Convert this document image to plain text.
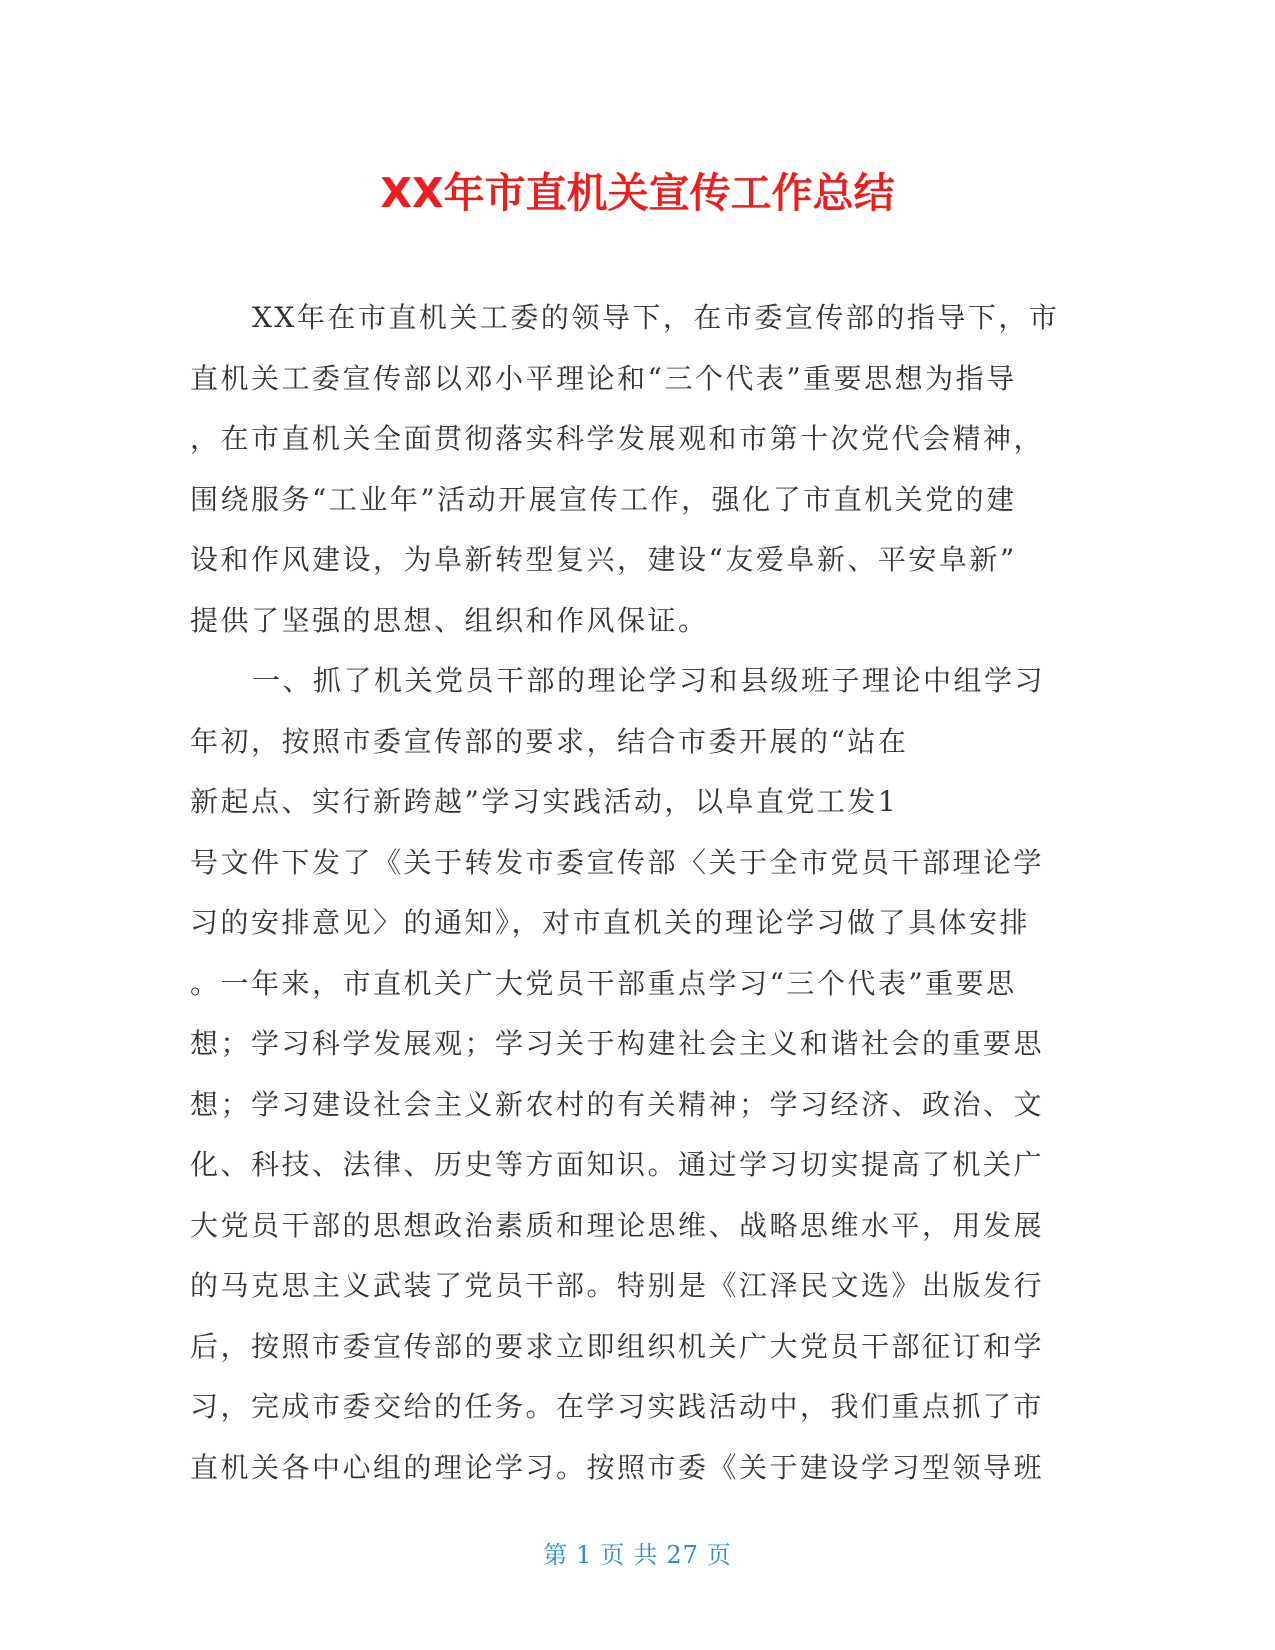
XX年市直机关宣传工作总结
XX年在市直机关工委的领导下，在市委宣传部的指导下，市
直机关工委宣传部以邓小平理论和“三个代表”重要思想为指导
，在市直机关全面贯彻落实科学发展观和市第十次党代会精神，
围绕服务“工业年”活动开展宣传工作，强化了市直机关党的建
设和作风建设，为阜新转型复兴，建设“友爱阜新、平安阜新”
提供了坚强的思想、组织和作风保证。
一、抓了机关党员干部的理论学习和县级班子理论中组学习
年初，按照市委宣传部的要求，结合市委开展的“站在
新起点、实行新跨越”学习实践活动，以阜直党工发1
号文件下发了《关于转发市委宣传部〈关于全市党员干部理论学
习的安排意见〉的通知》，对市直机关的理论学习做了具体安排
。一年来，市直机关广大党员干部重点学习“三个代表”重要思
想；学习科学发展观；学习关于构建社会主义和谐社会的重要思
想；学习建设社会主义新农村的有关精神；学习经济、政治、文
化、科技、法律、历史等方面知识。通过学习切实提高了机关广
大党员干部的思想政治素质和理论思维、战略思维水平，用发展
的马克思主义武装了党员干部。特别是《江泽民文选》出版发行
后，按照市委宣传部的要求立即组织机关广大党员干部征订和学
习，完成市委交给的任务。在学习实践活动中，我们重点抓了市
直机关各中心组的理论学习。按照市委《关于建设学习型领导班
第 1 页 共 27 页
